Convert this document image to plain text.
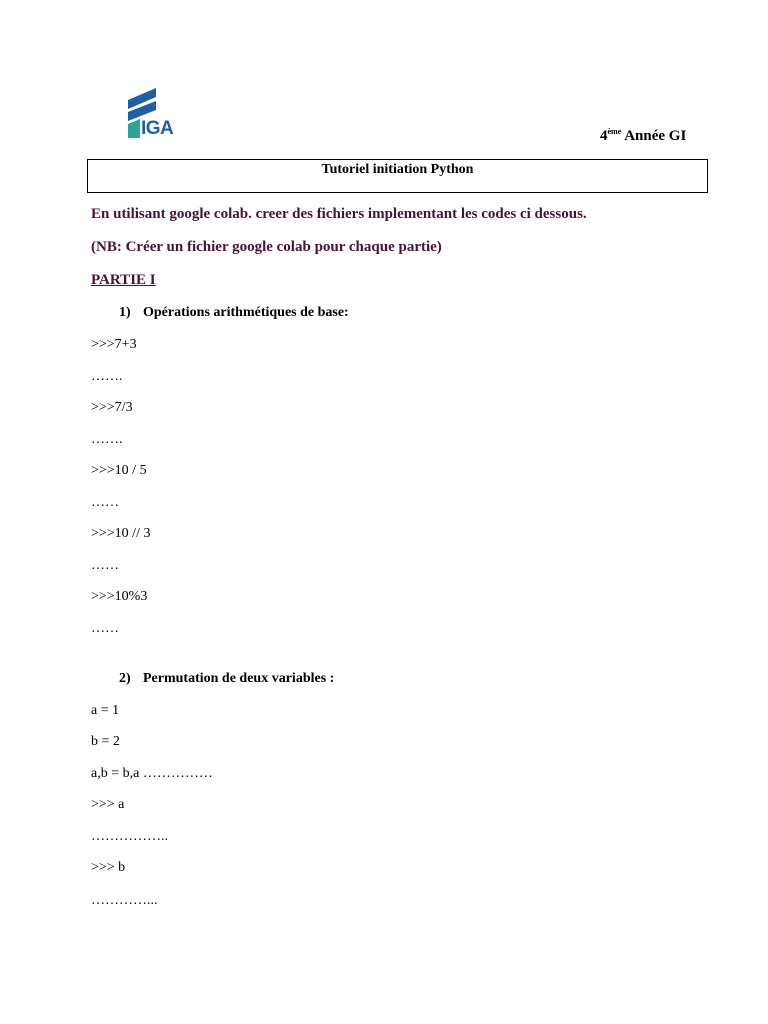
IGA	4ème Année GI
Tutoriel initiation Python
En utilisant google colab. creer des fichiers implementant les codes ci dessous.
(NB: Créer un fichier google colab pour chaque partie)
PARTIE I
1) Opérations arithmétiques de base:
>>>7+3
…….
>>>7/3
…….
>>>10 / 5
……
>>>10 // 3
……
>>>10%3
……
2) Permutation de deux variables :
a = 1
b = 2
a,b = b,a ……………
>>> a
……………..
>>> b
…………...
